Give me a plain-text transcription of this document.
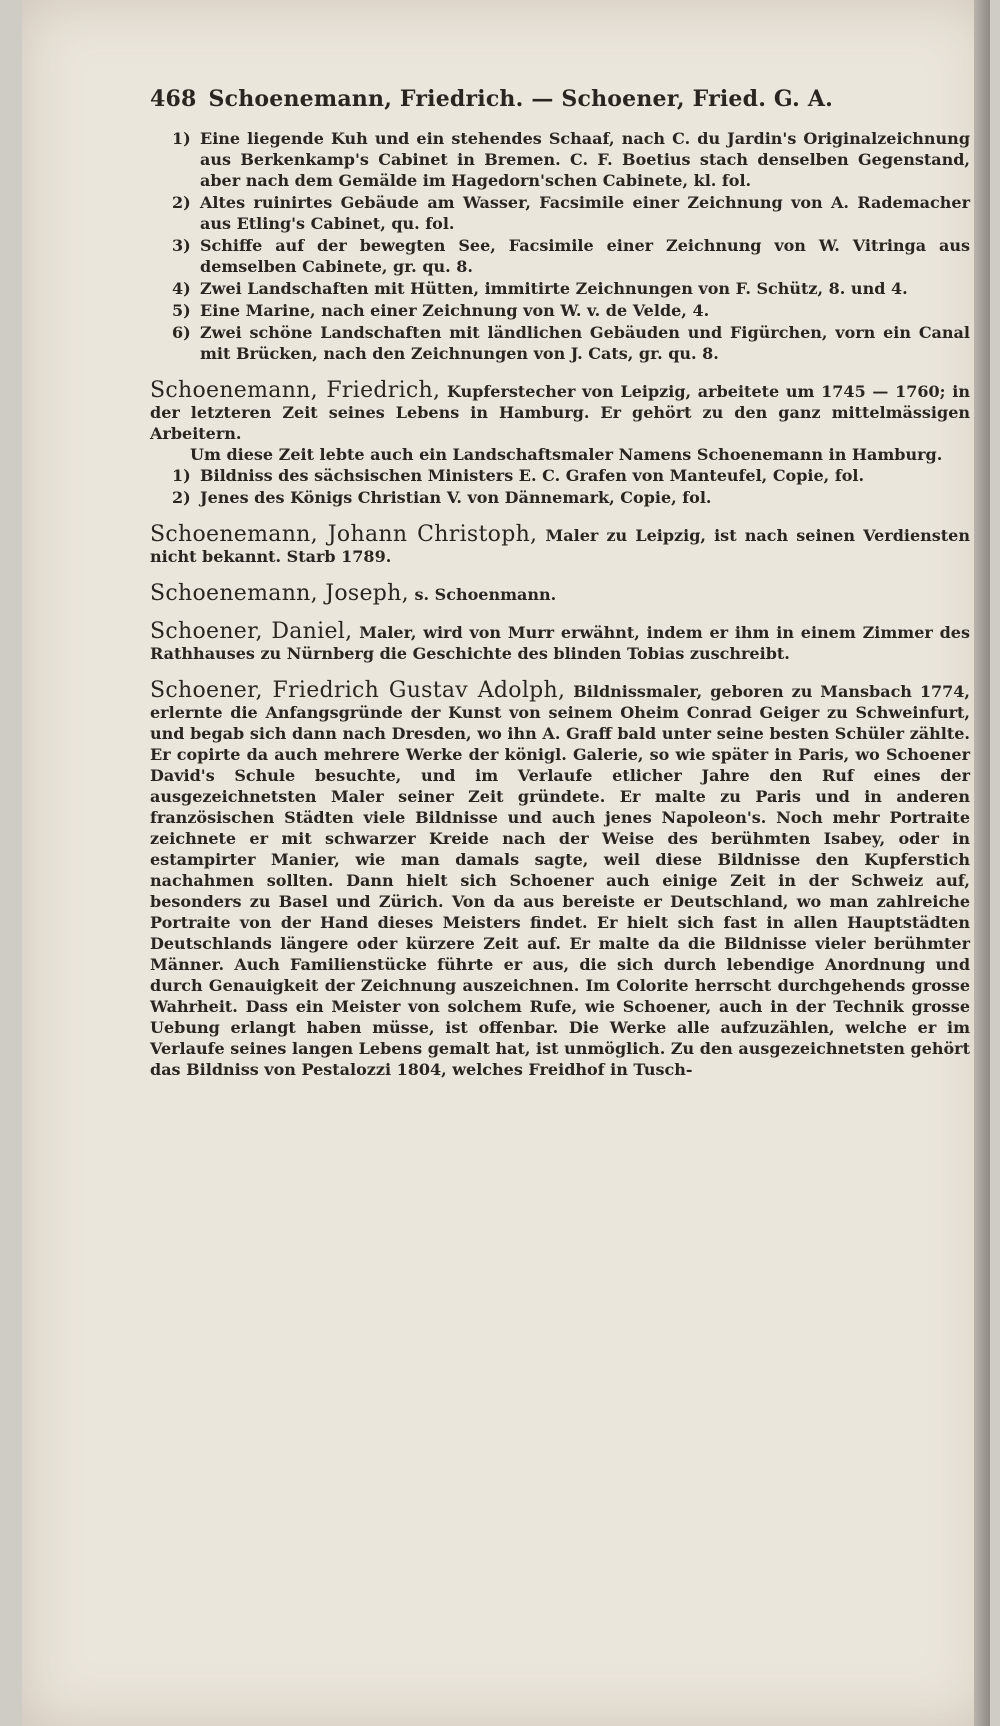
468 Schoenemann, Friedrich. — Schoener, Fried. G. A.
1) Eine liegende Kuh und ein stehendes Schaaf, nach C. du Jardin's Originalzeichnung aus Berkenkamp's Cabinet in Bremen. C. F. Boetius stach denselben Gegenstand, aber nach dem Gemälde im Hagedorn'schen Cabinete, kl. fol.
2) Altes ruinirtes Gebäude am Wasser, Facsimile einer Zeichnung von A. Rademacher aus Etling's Cabinet, qu. fol.
3) Schiffe auf der bewegten See, Facsimile einer Zeichnung von W. Vitringa aus demselben Cabinete, gr. qu. 8.
4) Zwei Landschaften mit Hütten, immitirte Zeichnungen von F. Schütz, 8. und 4.
5) Eine Marine, nach einer Zeichnung von W. v. de Velde, 4.
6) Zwei schöne Landschaften mit ländlichen Gebäuden und Figürchen, vorn ein Canal mit Brücken, nach den Zeichnungen von J. Cats, gr. qu. 8.

Schoenemann, Friedrich, Kupferstecher von Leipzig, arbeitete um 1745 — 1760; in der letzteren Zeit seines Lebens in Hamburg. Er gehört zu den ganz mittelmässigen Arbeitern.

Um diese Zeit lebte auch ein Landschaftsmaler Namens Schoenemann in Hamburg.

1) Bildniss des sächsischen Ministers E. C. Grafen von Manteufel, Copie, fol.
2) Jenes des Königs Christian V. von Dännemark, Copie, fol.

Schoenemann, Johann Christoph, Maler zu Leipzig, ist nach seinen Verdiensten nicht bekannt. Starb 1789.

Schoenemann, Joseph, s. Schoenmann.

Schoener, Daniel, Maler, wird von Murr erwähnt, indem er ihm in einem Zimmer des Rathhauses zu Nürnberg die Geschichte des blinden Tobias zuschreibt.

Schoener, Friedrich Gustav Adolph, Bildnissmaler, geboren zu Mansbach 1774, erlernte die Anfangsgründe der Kunst von seinem Oheim Conrad Geiger zu Schweinfurt, und begab sich dann nach Dresden, wo ihn A. Graff bald unter seine besten Schüler zählte. Er copirte da auch mehrere Werke der königl. Galerie, so wie später in Paris, wo Schoener David's Schule besuchte, und im Verlaufe etlicher Jahre den Ruf eines der ausgezeichnetsten Maler seiner Zeit gründete. Er malte zu Paris und in anderen französischen Städten viele Bildnisse und auch jenes Napoleon's. Noch mehr Portraite zeichnete er mit schwarzer Kreide nach der Weise des berühmten Isabey, oder in estampirter Manier, wie man damals sagte, weil diese Bildnisse den Kupferstich nachahmen sollten. Dann hielt sich Schoener auch einige Zeit in der Schweiz auf, besonders zu Basel und Zürich. Von da aus bereiste er Deutschland, wo man zahlreiche Portraite von der Hand dieses Meisters findet. Er hielt sich fast in allen Hauptstädten Deutschlands längere oder kürzere Zeit auf. Er malte da die Bildnisse vieler berühmter Männer. Auch Familienstücke führte er aus, die sich durch lebendige Anordnung und durch Genauigkeit der Zeichnung auszeichnen. Im Colorite herrscht durchgehends grosse Wahrheit. Dass ein Meister von solchem Rufe, wie Schoener, auch in der Technik grosse Uebung erlangt haben müsse, ist offenbar. Die Werke alle aufzuzählen, welche er im Verlaufe seines langen Lebens gemalt hat, ist unmöglich. Zu den ausgezeichnetsten gehört das Bildniss von Pestalozzi 1804, welches Freidhof in Tusch-
